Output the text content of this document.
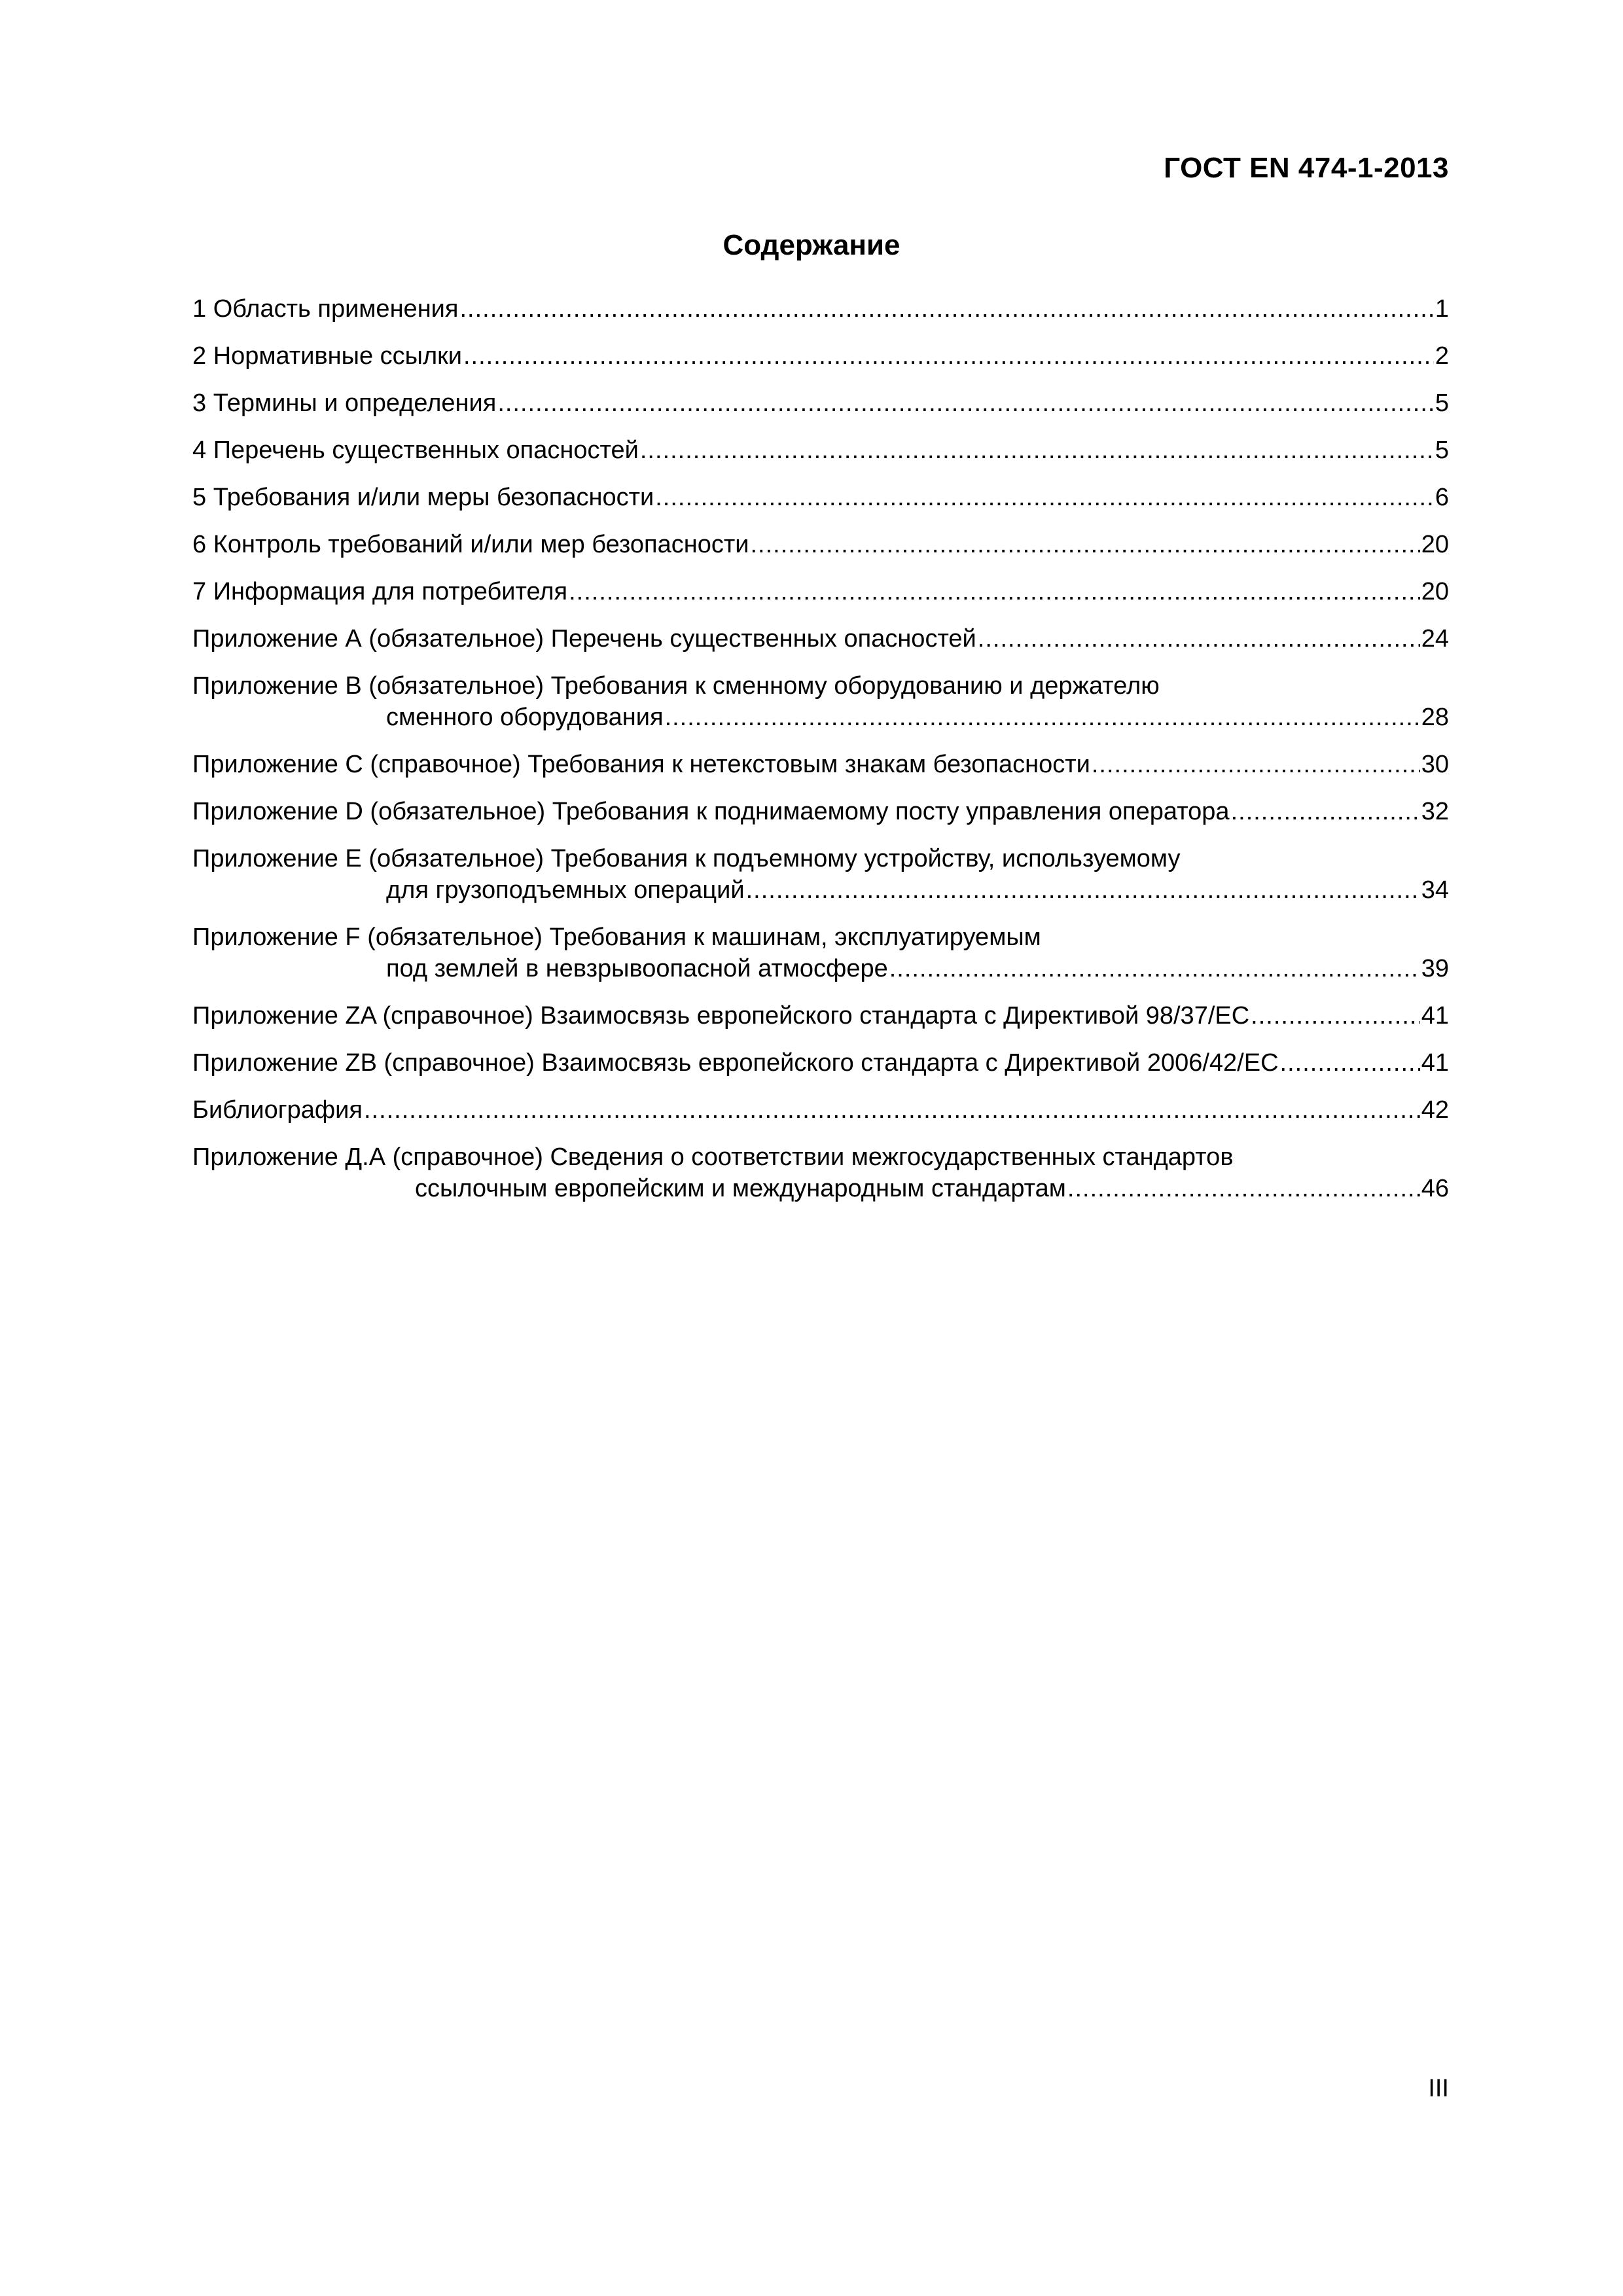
ГОСТ EN 474-1-2013
Содержание
1 Область применения .....	1
2 Нормативные ссылки .....	2
3 Термины и определения .....	5
4 Перечень существенных опасностей .....	5
5 Требования и/или меры безопасности .....	6
6 Контроль требований и/или мер безопасности .....	20
7 Информация для потребителя .....	20
Приложение А (обязательное) Перечень существенных опасностей .....	24
Приложение В (обязательное) Требования к сменному оборудованию и держателю
сменного оборудования .....	28
Приложение С (справочное) Требования к нетекстовым знакам безопасности .....	30
Приложение D (обязательное) Требования к поднимаемому посту управления оператора .....	32
Приложение Е (обязательное) Требования к подъемному устройству, используемому
для грузоподъемных операций .....	34
Приложение F (обязательное) Требования к машинам, эксплуатируемым
под землей в невзрывоопасной атмосфере .....	39
Приложение ZA (справочное) Взаимосвязь европейского стандарта с Директивой 98/37/ЕС .....	41
Приложение ZB (справочное) Взаимосвязь европейского стандарта с Директивой 2006/42/ЕС .....	41
Библиография .....	42
Приложение Д.А (справочное) Сведения о соответствии межгосударственных стандартов
ссылочным европейским и международным стандартам .....	46
III
